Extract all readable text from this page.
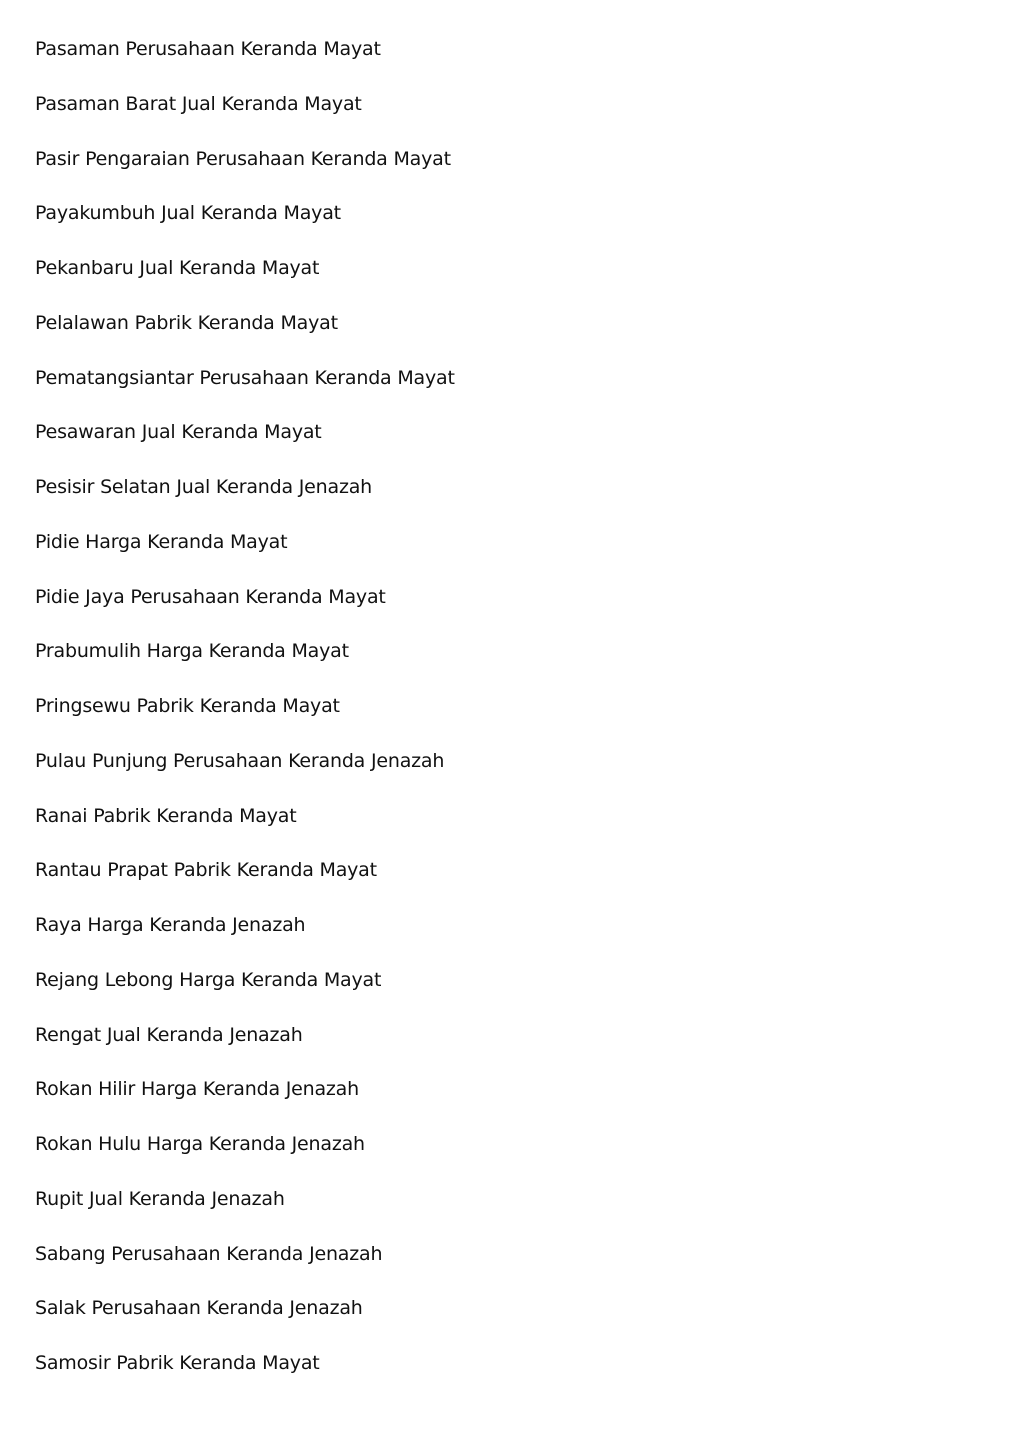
Pasaman Perusahaan Keranda Mayat
Pasaman Barat Jual Keranda Mayat
Pasir Pengaraian Perusahaan Keranda Mayat
Payakumbuh Jual Keranda Mayat
Pekanbaru Jual Keranda Mayat
Pelalawan Pabrik Keranda Mayat
Pematangsiantar Perusahaan Keranda Mayat
Pesawaran Jual Keranda Mayat
Pesisir Selatan Jual Keranda Jenazah
Pidie Harga Keranda Mayat
Pidie Jaya Perusahaan Keranda Mayat
Prabumulih Harga Keranda Mayat
Pringsewu Pabrik Keranda Mayat
Pulau Punjung Perusahaan Keranda Jenazah
Ranai Pabrik Keranda Mayat
Rantau Prapat Pabrik Keranda Mayat
Raya Harga Keranda Jenazah
Rejang Lebong Harga Keranda Mayat
Rengat Jual Keranda Jenazah
Rokan Hilir Harga Keranda Jenazah
Rokan Hulu Harga Keranda Jenazah
Rupit Jual Keranda Jenazah
Sabang Perusahaan Keranda Jenazah
Salak Perusahaan Keranda Jenazah
Samosir Pabrik Keranda Mayat
